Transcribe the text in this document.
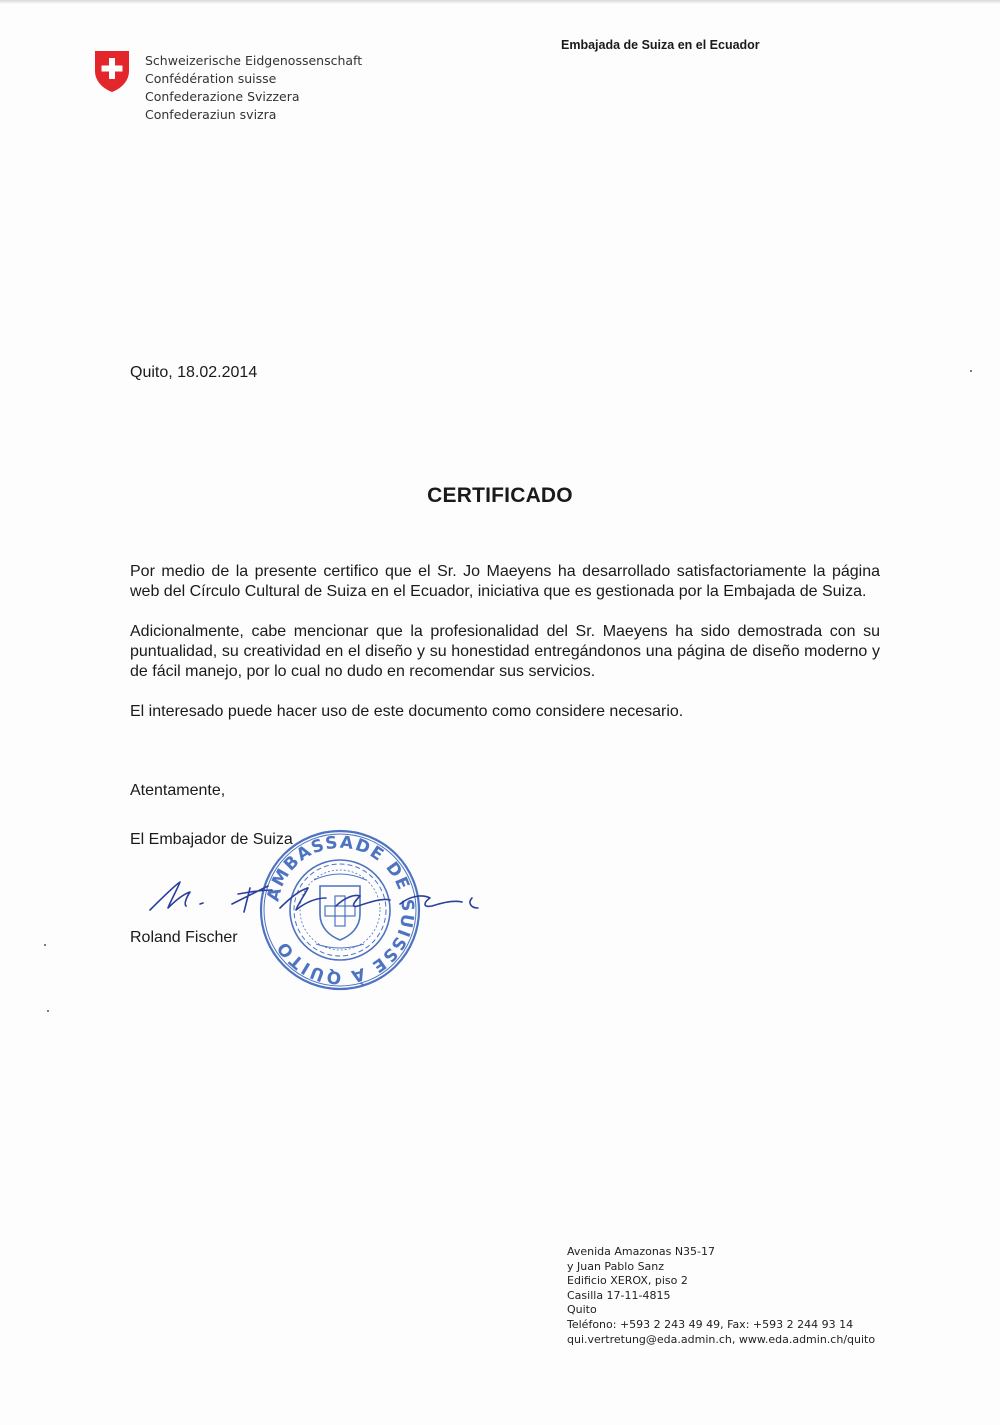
Schweizerische Eidgenossenschaft
Confédération suisse
Confederazione Svizzera
Confederaziun svizra
Embajada de Suiza en el Ecuador
Quito, 18.02.2014
CERTIFICADO

Por medio de la presente certifico que el Sr. Jo Maeyens ha desarrollado satisfactoriamente la página web del Círculo Cultural de Suiza en el Ecuador, iniciativa que es gestionada por la Embajada de Suiza.

Adicionalmente, cabe mencionar que la profesionalidad del Sr. Maeyens ha sido demostrada con su puntualidad, su creatividad en el diseño y su honestidad entregándonos una página de diseño moderno y de fácil manejo, por lo cual no dudo en recomendar sus servicios.

El interesado puede hacer uso de este documento como considere necesario.

Atentamente,
El Embajador de Suiza
AMBASSADE DE SUISSE À QUITO
Roland Fischer
Avenida Amazonas N35-17
y Juan Pablo Sanz
Edificio XEROX, piso 2
Casilla 17-11-4815
Quito
Teléfono: +593 2 243 49 49, Fax: +593 2 244 93 14
qui.vertretung@eda.admin.ch, www.eda.admin.ch/quito
